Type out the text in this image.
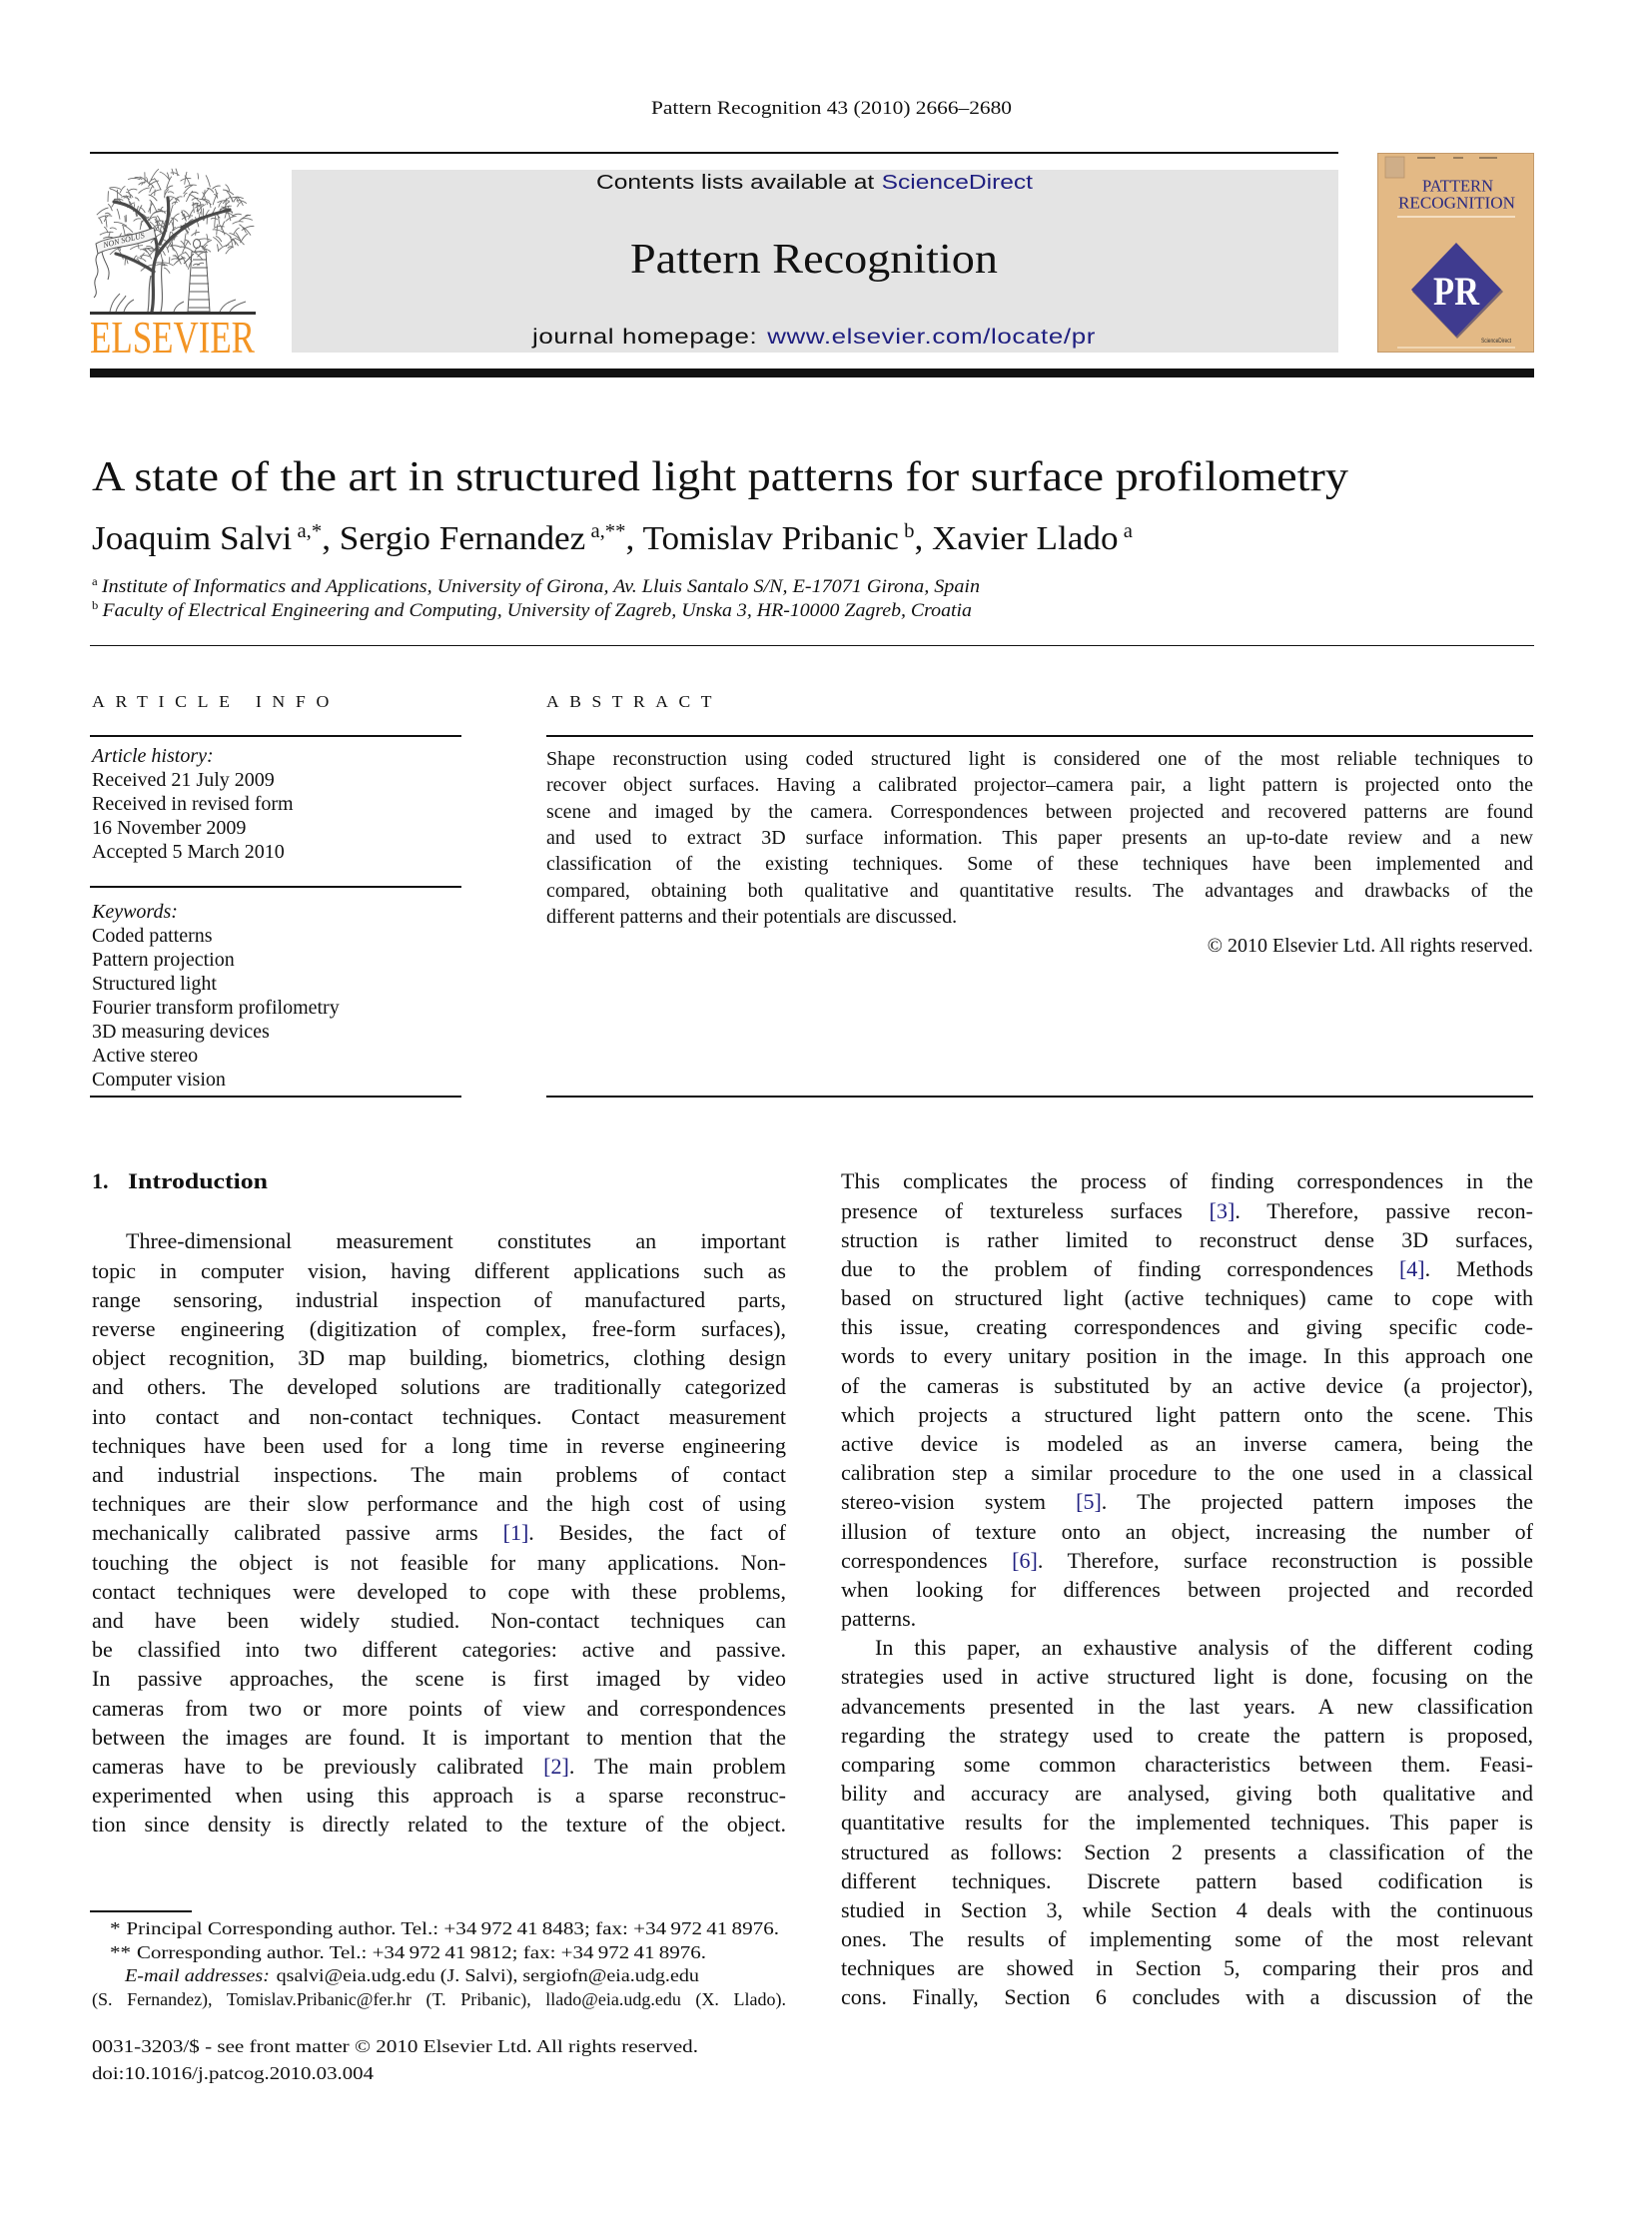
Pattern Recognition 43 (2010) 2666–2680
NON SOLUS
ELSEVIER
Contents lists available at ScienceDirect
Pattern Recognition
journal homepage: www.elsevier.com/locate/pr
PATTERN
RECOGNITION
PR
ScienceDirect
A state of the art in structured light patterns for surface profilometry
Joaquim Salvi $^{a,*}$, Sergio Fernandez $^{a,**}$, Tomislav Pribanic $^b$, Xavier Llado $^a$
$^a$ Institute of Informatics and Applications, University of Girona, Av. Lluis Santalo S/N, E-17071 Girona, Spain
$^b$ Faculty of Electrical Engineering and Computing, University of Zagreb, Unska 3, HR-10000 Zagreb, Croatia
ARTICLE INFO	ABSTRACT
© 2010 Elsevier Ltd. All rights reserved.
1. Introduction
* Principal Corresponding author. Tel.: +34 972 41 8483; fax: +34 972 41 8976.
** Corresponding author. Tel.: +34 972 41 9812; fax: +34 972 41 8976.
E-mail addresses: qsalvi@eia.udg.edu (J. Salvi), sergiofn@eia.udg.edu
(S. Fernandez), Tomislav.Pribanic@fer.hr (T. Pribanic), llado@eia.udg.edu (X. Llado).
0031-3203/$ - see front matter © 2010 Elsevier Ltd. All rights reserved.
doi:10.1016/j.patcog.2010.03.004
Article history:
Received 21 July 2009
Received in revised form
16 November 2009
Accepted 5 March 2010
Keywords:
Coded patterns
Pattern projection
Structured light
Fourier transform profilometry
3D measuring devices
Active stereo
Computer vision
Shape reconstruction using coded structured light is considered one of the most reliable techniques to
recover object surfaces. Having a calibrated projector–camera pair, a light pattern is projected onto the
scene and imaged by the camera. Correspondences between projected and recovered patterns are found
and used to extract 3D surface information. This paper presents an up-to-date review and a new
classification of the existing techniques. Some of these techniques have been implemented and
compared, obtaining both qualitative and quantitative results. The advantages and drawbacks of the
different patterns and their potentials are discussed.
Three-dimensional measurement constitutes an important
topic in computer vision, having different applications such as
range sensoring, industrial inspection of manufactured parts,
reverse engineering (digitization of complex, free-form surfaces),
object recognition, 3D map building, biometrics, clothing design
and others. The developed solutions are traditionally categorized
into contact and non-contact techniques. Contact measurement
techniques have been used for a long time in reverse engineering
and industrial inspections. The main problems of contact
techniques are their slow performance and the high cost of using
mechanically calibrated passive arms [1]. Besides, the fact of
touching the object is not feasible for many applications. Non-
contact techniques were developed to cope with these problems,
and have been widely studied. Non-contact techniques can
be classified into two different categories: active and passive.
In passive approaches, the scene is first imaged by video
cameras from two or more points of view and correspondences
between the images are found. It is important to mention that the
cameras have to be previously calibrated [2]. The main problem
experimented when using this approach is a sparse reconstruc-
tion since density is directly related to the texture of the object.
This complicates the process of finding correspondences in the
presence of textureless surfaces [3]. Therefore, passive recon-
struction is rather limited to reconstruct dense 3D surfaces,
due to the problem of finding correspondences [4]. Methods
based on structured light (active techniques) came to cope with
this issue, creating correspondences and giving specific code-
words to every unitary position in the image. In this approach one
of the cameras is substituted by an active device (a projector),
which projects a structured light pattern onto the scene. This
active device is modeled as an inverse camera, being the
calibration step a similar procedure to the one used in a classical
stereo-vision system [5]. The projected pattern imposes the
illusion of texture onto an object, increasing the number of
correspondences [6]. Therefore, surface reconstruction is possible
when looking for differences between projected and recorded
patterns.
In this paper, an exhaustive analysis of the different coding
strategies used in active structured light is done, focusing on the
advancements presented in the last years. A new classification
regarding the strategy used to create the pattern is proposed,
comparing some common characteristics between them. Feasi-
bility and accuracy are analysed, giving both qualitative and
quantitative results for the implemented techniques. This paper is
structured as follows: Section 2 presents a classification of the
different techniques. Discrete pattern based codification is
studied in Section 3, while Section 4 deals with the continuous
ones. The results of implementing some of the most relevant
techniques are showed in Section 5, comparing their pros and
cons. Finally, Section 6 concludes with a discussion of the
